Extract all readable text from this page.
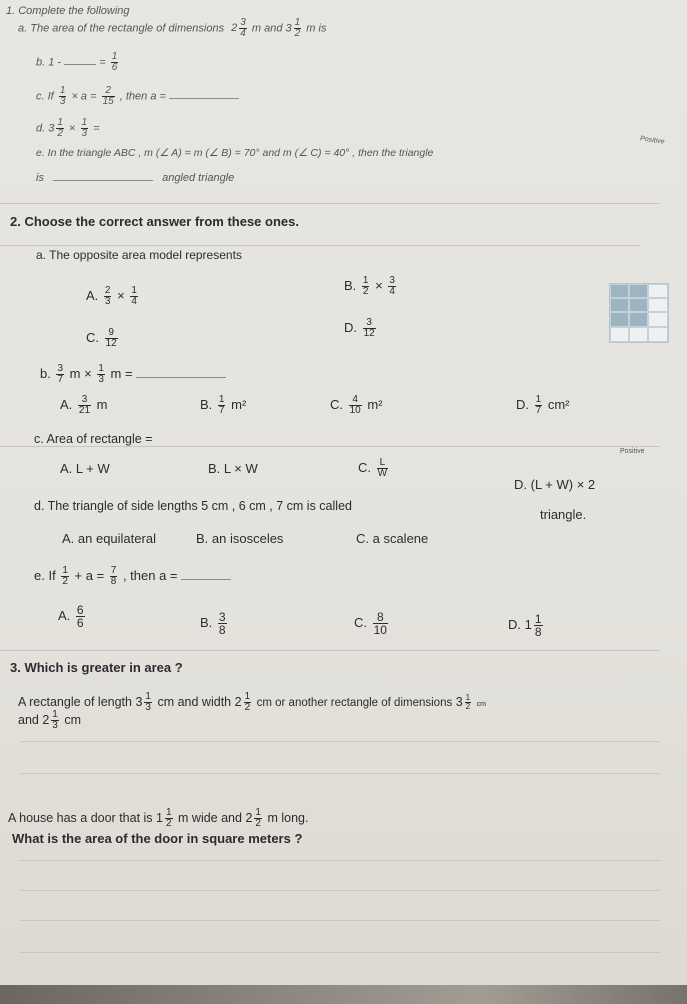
1. Complete the following
a. The area of the rectangle of dimensions $2 \frac{3}{4}$ m and $3 \frac{1}{2}$ m is
b. 1 -	= $\frac{1}{6}$
c. If $\frac{1}{3} \times a = \frac{2}{15}$ , then a =
d. $3 \frac{1}{2} \times \frac{1}{3}$ =
Positive
e. In the triangle ABC , m (∠ A) = m (∠ B) = 70° and m (∠ C) = 40° , then the triangle
is	angled triangle
2. Choose the correct answer from these ones.
a. The opposite area model represents
A. $\frac{2}{3} \times \frac{1}{4}$
B. $\frac{1}{2} \times \frac{3}{4}$
C. $\frac{9}{12}$
D. $\frac{3}{12}$
b. $\frac{3}{7}$ $m \times \frac{1}{3}$ m =
A. $\frac{3}{21}$ m	B. $\frac{1}{7} m^2$	C. $\frac{4}{10} m^2$	D. $\frac{1}{7} cm^2$
c. Area of rectangle =
Positive
A. L + W	B. L × W	C. $\frac{L}{W}$
D. (L + W) × 2
d. The triangle of side lengths 5 cm , 6 cm , 7 cm is called
triangle.
A. an equilateral	B. an isosceles	C. a scalene
e. If $\frac{1}{2} + a = \frac{7}{8}$ , then a =
A. $\frac{6}{6}$	B. $\frac{3}{8}$	C. $\frac{8}{10}$	D. $1 \frac{1}{8}$
3. Which is greater in area ?
A rectangle of length $3 \frac{1}{3}$ cm and width $2 \frac{1}{2}$ cm or another rectangle of dimensions $3 \frac{1}{2}$ cm
and $2 \frac{1}{3}$ cm
A house has a door that is $1 \frac{1}{2}$ m wide and $2 \frac{1}{2}$ m long.
What is the area of the door in square meters ?
